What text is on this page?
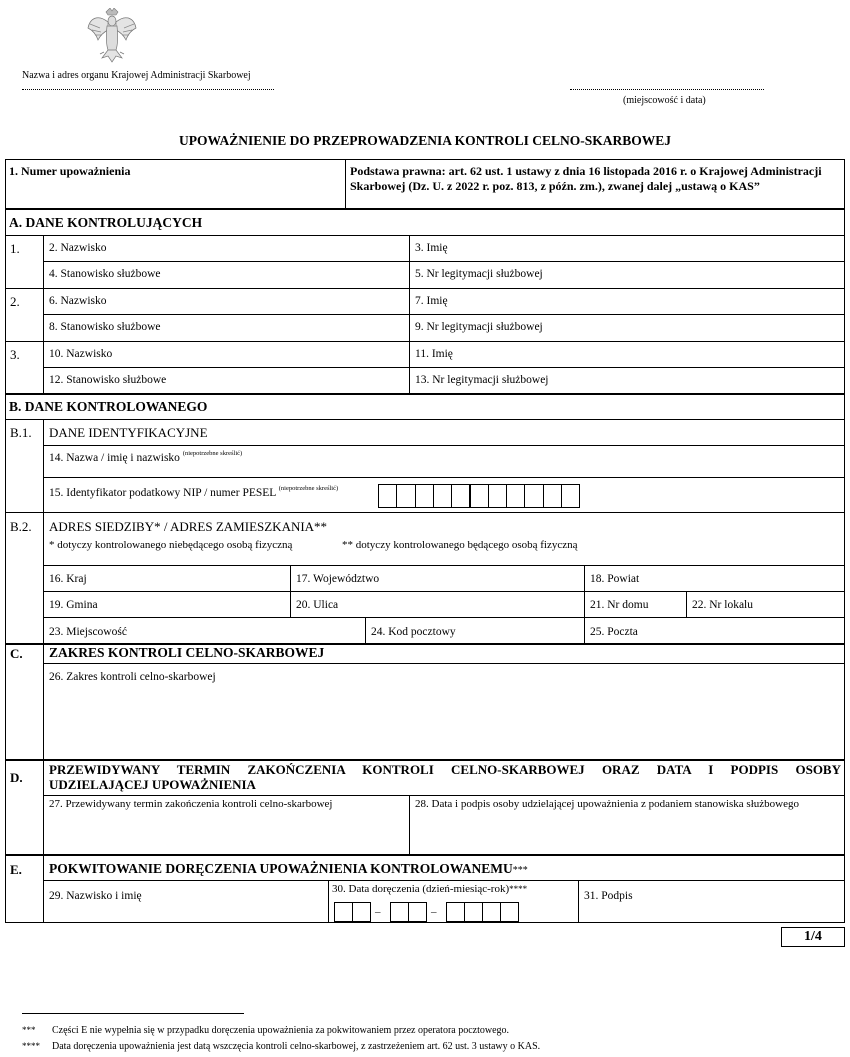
Nazwa i adres organu Krajowej Administracji Skarbowej
(miejscowość i data)
UPOWAŻNIENIE DO PRZEPROWADZENIA KONTROLI CELNO-SKARBOWEJ
1. Numer upoważnienia	Podstawa prawna: art. 62 ust. 1 ustawy z dnia 16 listopada 2016 r. o Krajowej Administracji
Skarbowej (Dz. U. z 2022 r. poz. 813, z późn. zm.), zwanej dalej „ustawą o KAS”
A. DANE KONTROLUJĄCYCH
1.	2. Nazwisko	3. Imię
4. Stanowisko służbowe	5. Nr legitymacji służbowej
2.	6. Nazwisko	7. Imię
8. Stanowisko służbowe	9. Nr legitymacji służbowej
3.	10. Nazwisko	11. Imię
12. Stanowisko służbowe	13. Nr legitymacji służbowej
B. DANE KONTROLOWANEGO
B.1. DANE IDENTYFIKACYJNE
14. Nazwa / imię i nazwisko $^{(niepotrzebne skreślić)}$
15. Identyfikator podatkowy NIP / numer PESEL $^{(niepotrzebne skreślić)}$
B.2. ADRES SIEDZIBY* / ADRES ZAMIESZKANIA**
* dotyczy kontrolowanego niebędącego osobą fizyczną	** dotyczy kontrolowanego będącego osobą fizyczną
16. Kraj	17. Województwo	18. Powiat
19. Gmina	20. Ulica	21. Nr domu	22. Nr lokalu
23. Miejscowość	24. Kod pocztowy	25. Poczta
C. ZAKRES KONTROLI CELNO-SKARBOWEJ
26. Zakres kontroli celno-skarbowej
D.
PRZEWIDYWANY TERMIN ZAKOŃCZENIA KONTROLI CELNO-SKARBOWEJ ORAZ DATA I PODPIS OSOBY
UDZIELAJĄCEJ UPOWAŻNIENIA
27. Przewidywany termin zakończenia kontroli celno-skarbowej	28. Data i podpis osoby udzielającej upoważnienia z podaniem stanowiska służbowego
E. POKWITOWANIE DORĘCZENIA UPOWAŻNIENIA KONTROLOWANEMU***
29. Nazwisko i imię
30. Data doręczenia (dzień-miesiąc-rok)****
–	–
31. Podpis
1/4
*** Części E nie wypełnia się w przypadku doręczenia upoważnienia za pokwitowaniem przez operatora pocztowego.
**** Data doręczenia upoważnienia jest datą wszczęcia kontroli celno-skarbowej, z zastrzeżeniem art. 62 ust. 3 ustawy o KAS.
